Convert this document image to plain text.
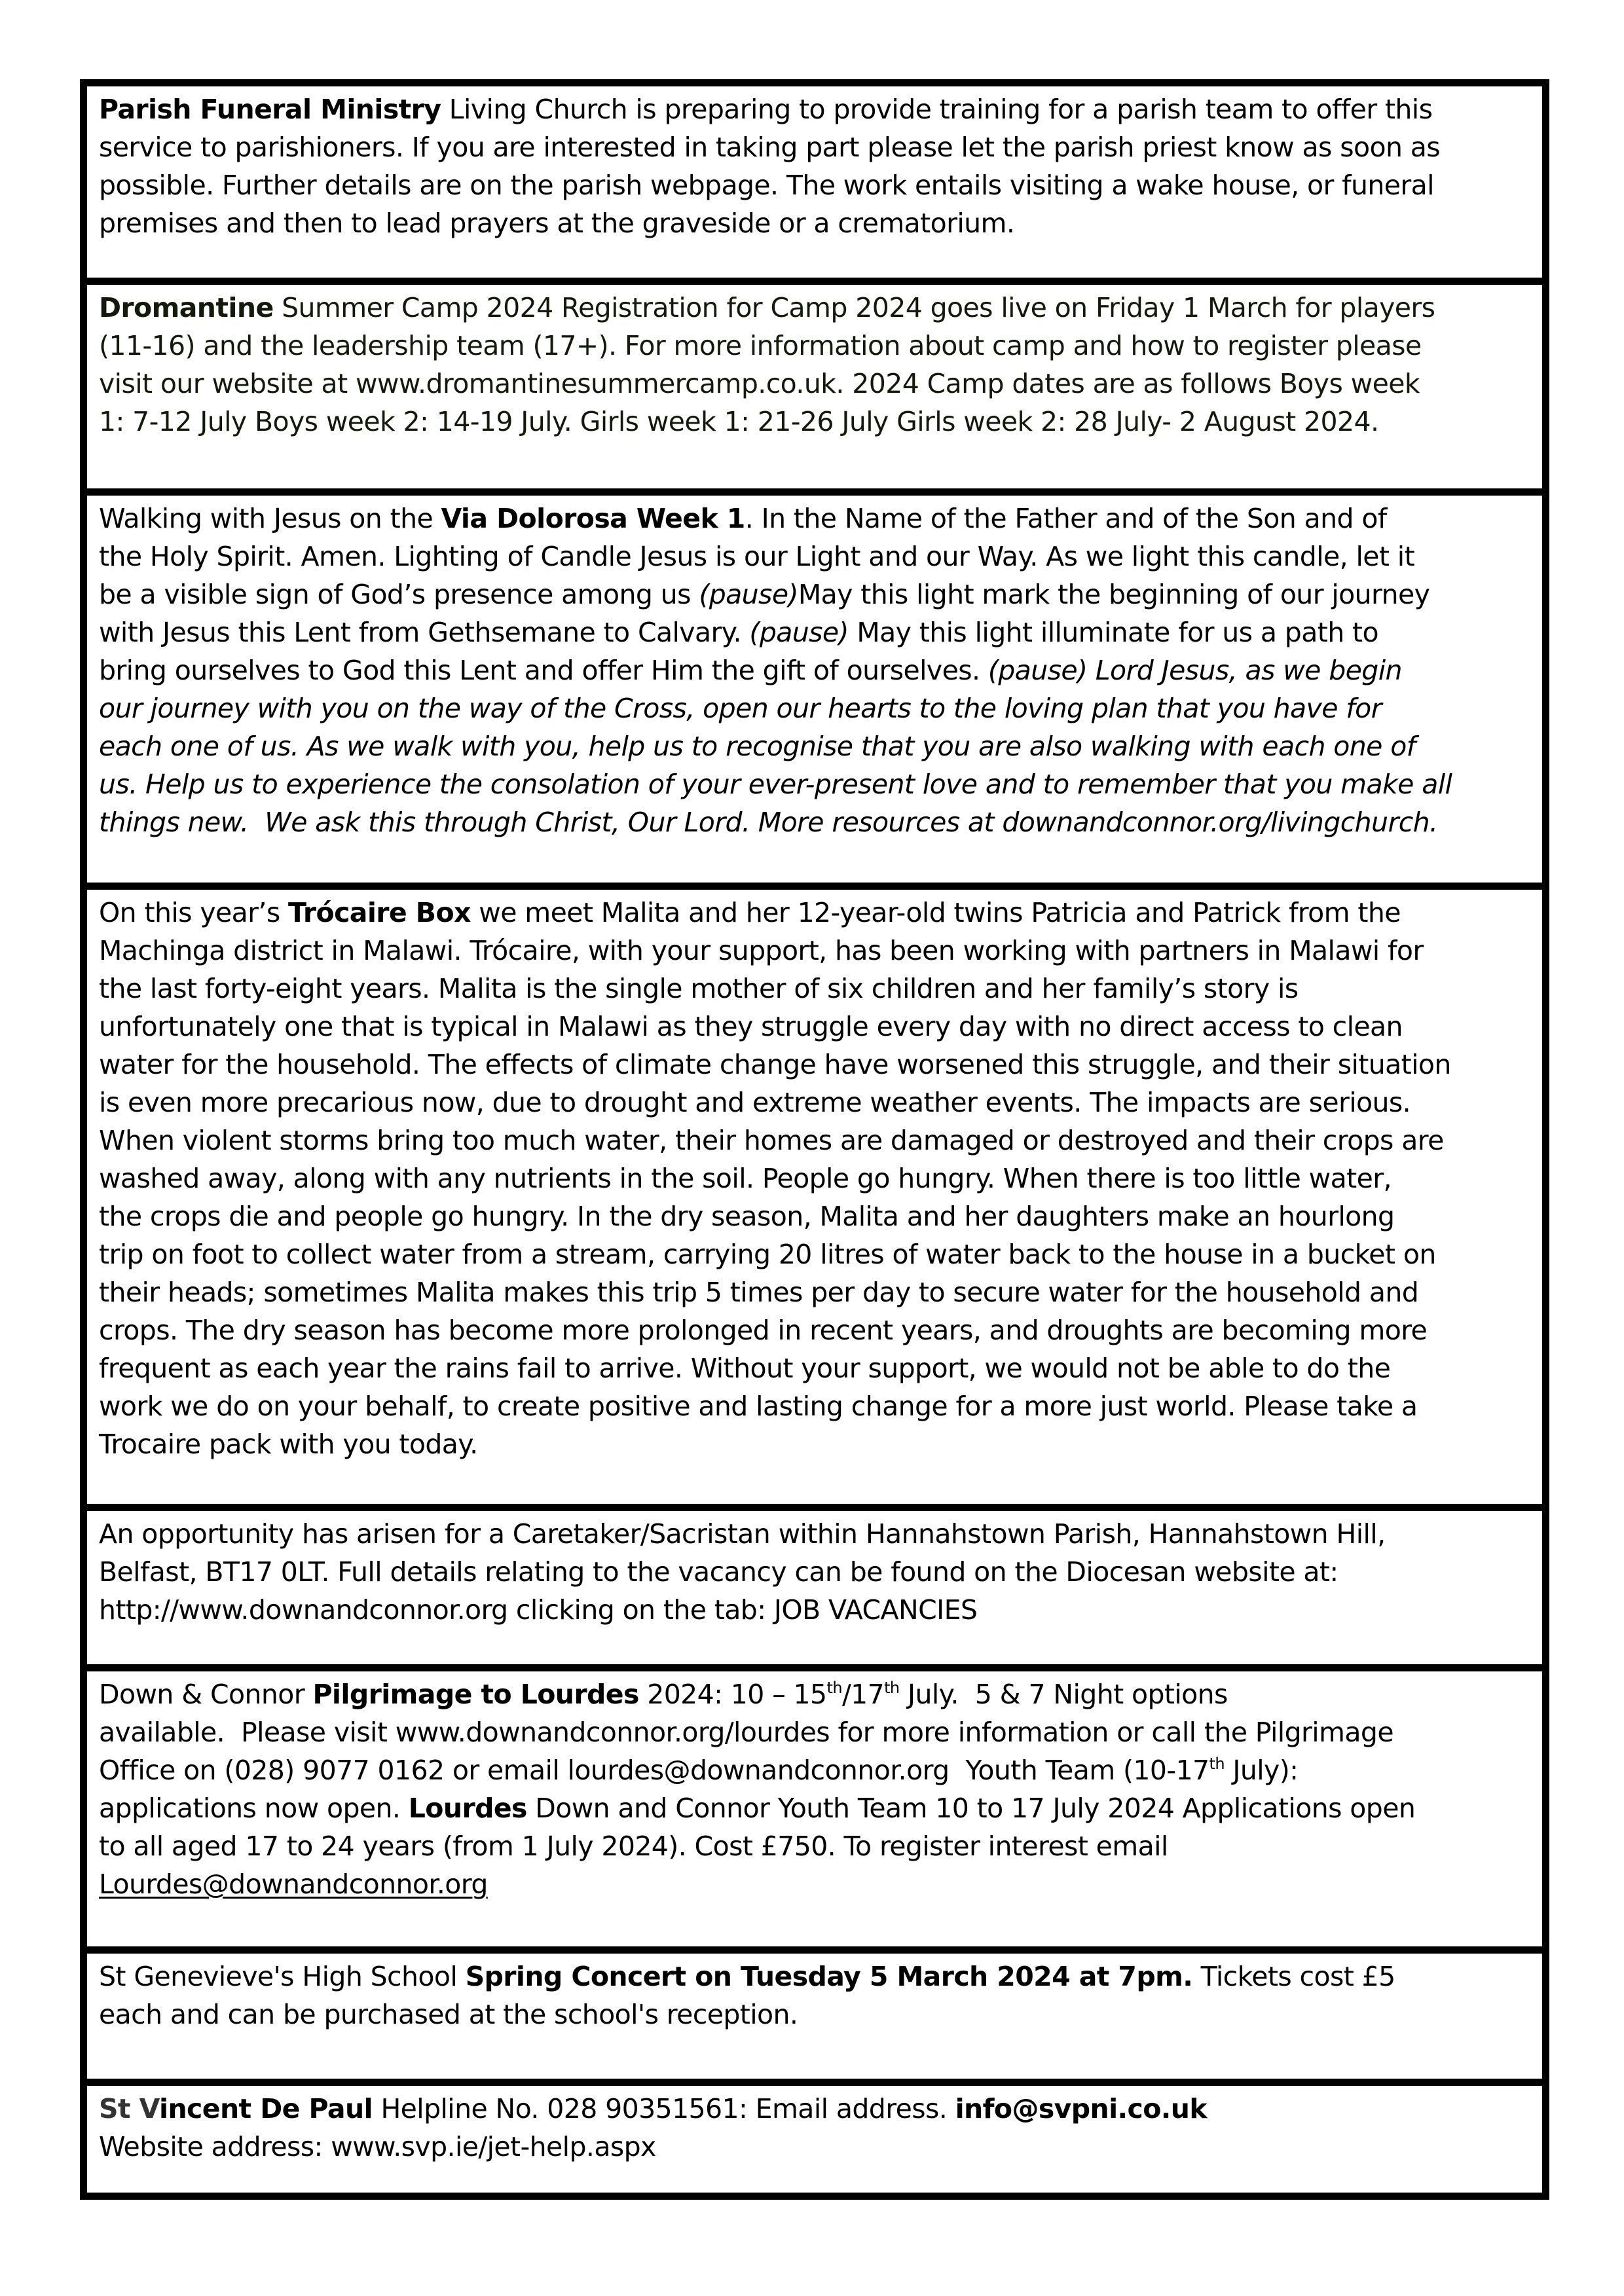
Parish Funeral Ministry Living Church is preparing to provide training for a parish team to offer this
service to parishioners. If you are interested in taking part please let the parish priest know as soon as
possible. Further details are on the parish webpage. The work entails visiting a wake house, or funeral
premises and then to lead prayers at the graveside or a crematorium.
Dromantine Summer Camp 2024 Registration for Camp 2024 goes live on Friday 1 March for players
(11-16) and the leadership team (17+). For more information about camp and how to register please
visit our website at www.dromantinesummercamp.co.uk. 2024 Camp dates are as follows Boys week
1: 7-12 July Boys week 2: 14-19 July. Girls week 1: 21-26 July Girls week 2: 28 July- 2 August 2024.
Walking with Jesus on the Via Dolorosa Week 1. In the Name of the Father and of the Son and of
the Holy Spirit. Amen. Lighting of Candle Jesus is our Light and our Way. As we light this candle, let it
be a visible sign of God’s presence among us (pause)May this light mark the beginning of our journey
with Jesus this Lent from Gethsemane to Calvary. (pause) May this light illuminate for us a path to
bring ourselves to God this Lent and offer Him the gift of ourselves. (pause) Lord Jesus, as we begin
our journey with you on the way of the Cross, open our hearts to the loving plan that you have for
each one of us. As we walk with you, help us to recognise that you are also walking with each one of
us. Help us to experience the consolation of your ever-present love and to remember that you make all
things new.  We ask this through Christ, Our Lord. More resources at downandconnor.org/livingchurch.
On this year’s Trócaire Box we meet Malita and her 12-year-old twins Patricia and Patrick from the
Machinga district in Malawi. Trócaire, with your support, has been working with partners in Malawi for
the last forty-eight years. Malita is the single mother of six children and her family’s story is
unfortunately one that is typical in Malawi as they struggle every day with no direct access to clean
water for the household. The effects of climate change have worsened this struggle, and their situation
is even more precarious now, due to drought and extreme weather events. The impacts are serious.
When violent storms bring too much water, their homes are damaged or destroyed and their crops are
washed away, along with any nutrients in the soil. People go hungry. When there is too little water,
the crops die and people go hungry. In the dry season, Malita and her daughters make an hourlong
trip on foot to collect water from a stream, carrying 20 litres of water back to the house in a bucket on
their heads; sometimes Malita makes this trip 5 times per day to secure water for the household and
crops. The dry season has become more prolonged in recent years, and droughts are becoming more
frequent as each year the rains fail to arrive. Without your support, we would not be able to do the
work we do on your behalf, to create positive and lasting change for a more just world. Please take a
Trocaire pack with you today.
An opportunity has arisen for a Caretaker/Sacristan within Hannahstown Parish, Hannahstown Hill,
Belfast, BT17 0LT. Full details relating to the vacancy can be found on the Diocesan website at:
http://www.downandconnor.org clicking on the tab: JOB VACANCIES
Down & Connor Pilgrimage to Lourdes 2024: 10 – 15th/17th July.  5 & 7 Night options
available.  Please visit www.downandconnor.org/lourdes for more information or call the Pilgrimage
Office on (028) 9077 0162 or email lourdes@downandconnor.org  Youth Team (10-17th July):
applications now open. Lourdes Down and Connor Youth Team 10 to 17 July 2024 Applications open
to all aged 17 to 24 years (from 1 July 2024). Cost £750. To register interest email
Lourdes@downandconnor.org
St Genevieve's High School Spring Concert on Tuesday 5 March 2024 at 7pm. Tickets cost £5
each and can be purchased at the school's reception.
St Vincent De Paul Helpline No. 028 90351561: Email address. info@svpni.co.uk
Website address: www.svp.ie/jet-help.aspx
